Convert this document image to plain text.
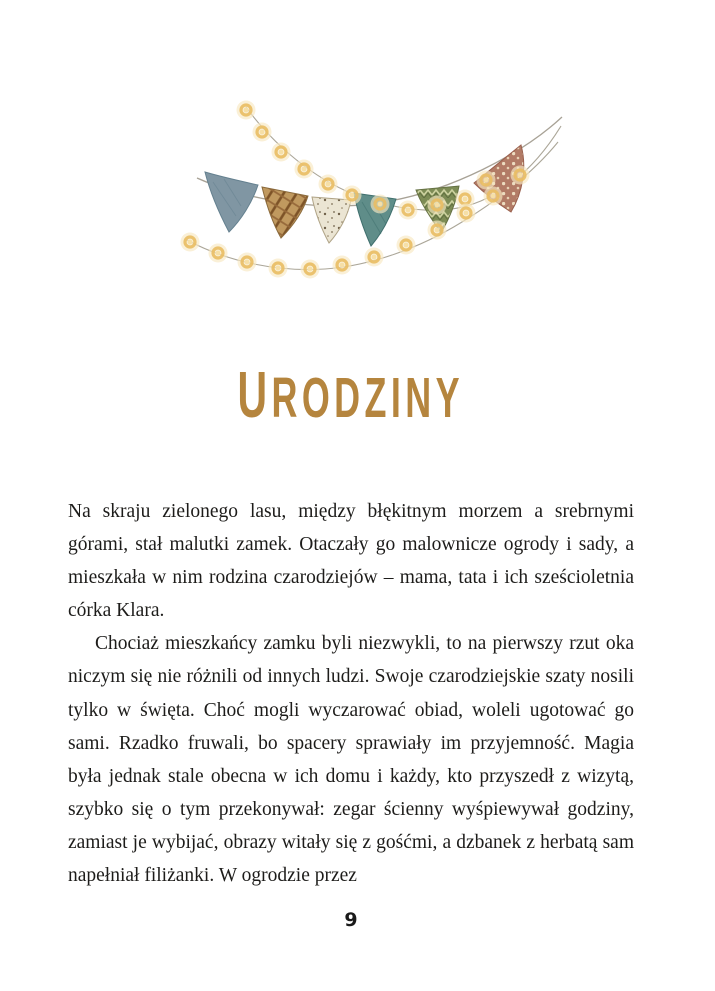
URODZINY

Na skraju zielonego lasu, między błękitnym morzem a srebrnymi górami, stał malutki zamek. Otaczały go malownicze ogrody i sady, a mieszkała w nim rodzina czarodziejów – mama, tata i ich sześcioletnia córka Klara.

Chociaż mieszkańcy zamku byli niezwykli, to na pierwszy rzut oka niczym się nie różnili od innych ludzi. Swoje czarodziejskie szaty nosili tylko w święta. Choć mogli wyczarować obiad, woleli ugotować go sami. Rzadko fruwali, bo spacery sprawiały im przyjemność. Magia była jednak stale obecna w ich domu i każdy, kto przyszedł z wizytą, szybko się o tym przekonywał: zegar ścienny wyśpiewywał godziny, zamiast je wybijać, obrazy witały się z gośćmi, a dzbanek z herbatą sam napełniał filiżanki. W ogrodzie przez

9
